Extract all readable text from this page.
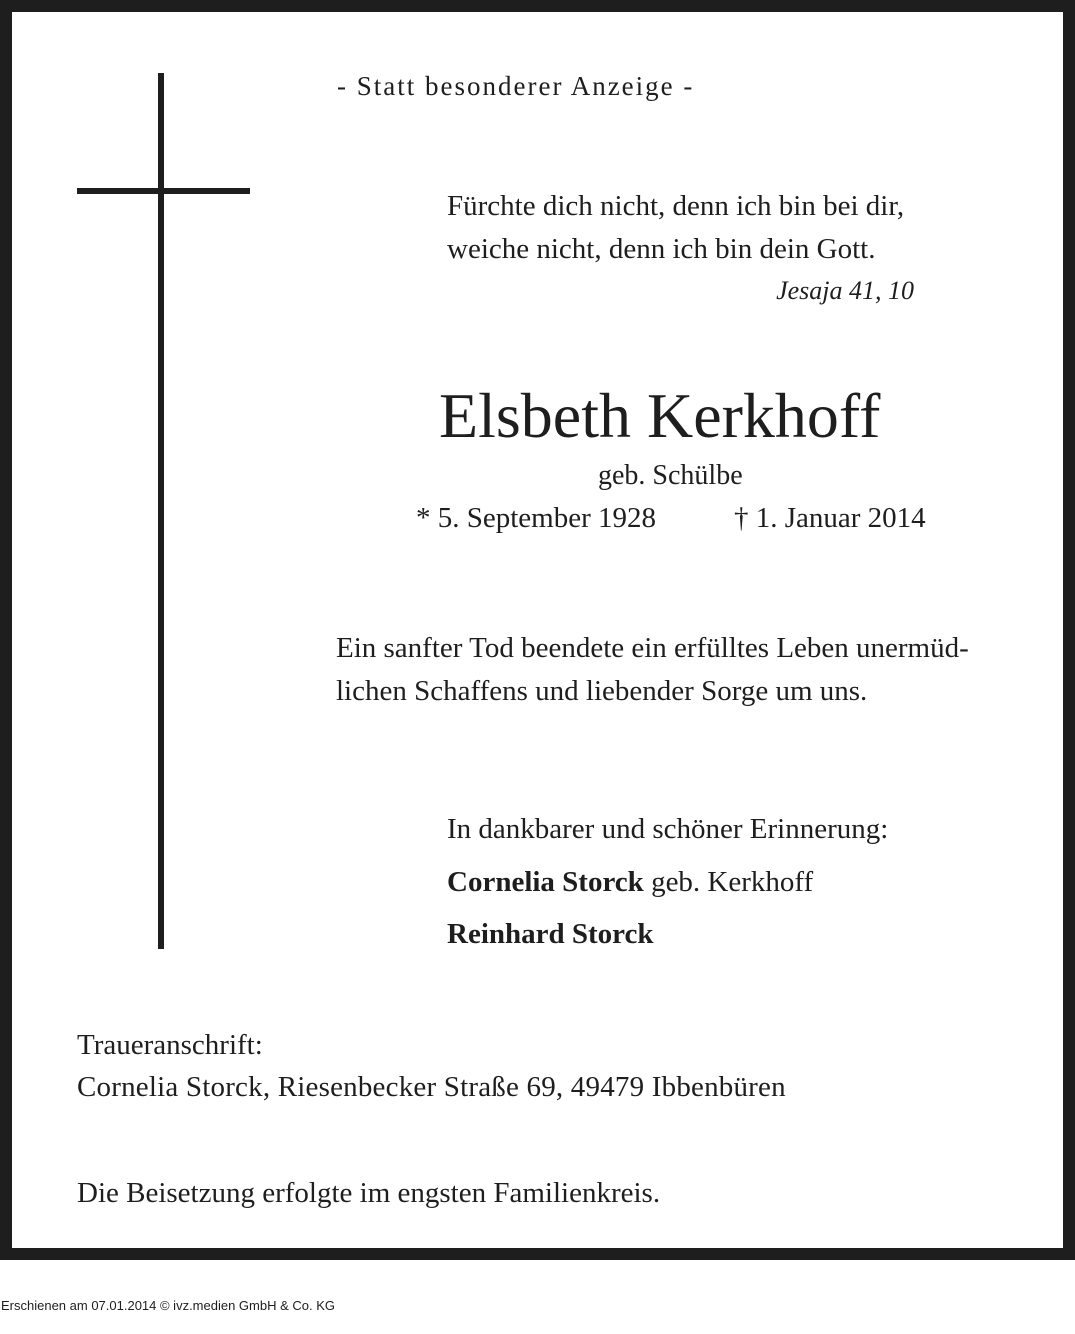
- Statt besonderer Anzeige -
Fürchte dich nicht, denn ich bin bei dir,
weiche nicht, denn ich bin dein Gott.
Jesaja 41, 10
Elsbeth Kerkhoff
geb. Schülbe
* 5. September 1928	† 1. Januar 2014
Ein sanfter Tod beendete ein erfülltes Leben unermüd-
lichen Schaffens und liebender Sorge um uns.
In dankbarer und schöner Erinnerung:
Cornelia Storck geb. Kerkhoff
Reinhard Storck
Traueranschrift:
Cornelia Storck, Riesenbecker Straße 69, 49479 Ibbenbüren
Die Beisetzung erfolgte im engsten Familienkreis.
Erschienen am 07.01.2014 © ivz.medien GmbH & Co. KG
